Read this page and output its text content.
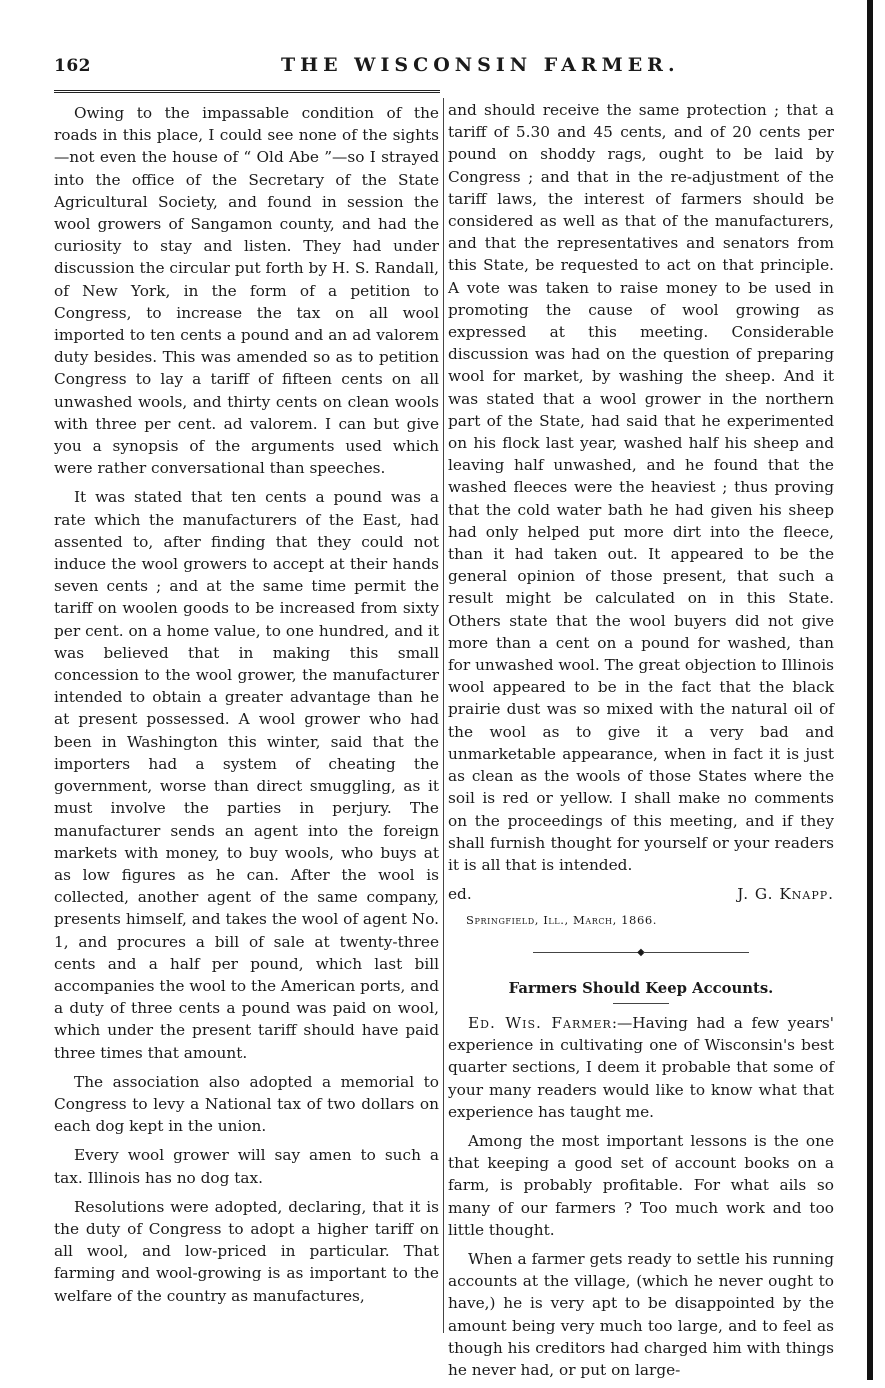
162	THE WISCONSIN FARMER.

Owing to the impassable condition of the roads in this place, I could see none of the sights—not even the house of “ Old Abe ”—so I strayed into the office of the Secretary of the State Agricultural Society, and found in session the wool growers of Sangamon county, and had the curiosity to stay and listen. They had under discussion the circular put forth by H. S. Randall, of New York, in the form of a petition to Congress, to increase the tax on all wool imported to ten cents a pound and an ad valorem duty besides. This was amended so as to petition Congress to lay a tariff of fifteen cents on all unwashed wools, and thirty cents on clean wools with three per cent. ad valorem. I can but give you a synopsis of the arguments used which were rather conversational than speeches.

It was stated that ten cents a pound was a rate which the manufacturers of the East, had assented to, after finding that they could not induce the wool growers to accept at their hands seven cents ; and at the same time permit the tariff on woolen goods to be increased from sixty per cent. on a home value, to one hundred, and it was believed that in making this small concession to the wool grower, the manufacturer intended to obtain a greater advantage than he at present possessed. A wool grower who had been in Washington this winter, said that the importers had a system of cheating the government, worse than direct smuggling, as it must involve the parties in perjury. The manufacturer sends an agent into the foreign markets with money, to buy wools, who buys at as low figures as he can. After the wool is collected, another agent of the same company, presents himself, and takes the wool of agent No. 1, and procures a bill of sale at twenty-three cents and a half per pound, which last bill accompanies the wool to the American ports, and a duty of three cents a pound was paid on wool, which under the present tariff should have paid three times that amount.

The association also adopted a memorial to Congress to levy a National tax of two dollars on each dog kept in the union.

Every wool grower will say amen to such a tax. Illinois has no dog tax.

Resolutions were adopted, declaring, that it is the duty of Congress to adopt a higher tariff on all wool, and low-priced in particular. That farming and wool-growing is as important to the welfare of the country as manufactures,

and should receive the same protection ; that a tariff of 5.30 and 45 cents, and of 20 cents per pound on shoddy rags, ought to be laid by Congress ; and that in the re-adjustment of the tariff laws, the interest of farmers should be considered as well as that of the manufacturers, and that the representatives and senators from this State, be requested to act on that principle. A vote was taken to raise money to be used in promoting the cause of wool growing as expressed at this meeting. Considerable discussion was had on the question of preparing wool for market, by washing the sheep. And it was stated that a wool grower in the northern part of the State, had said that he experimented on his flock last year, washed half his sheep and leaving half unwashed, and he found that the washed fleeces were the heaviest ; thus proving that the cold water bath he had given his sheep had only helped put more dirt into the fleece, than it had taken out. It appeared to be the general opinion of those present, that such a result might be calculated on in this State. Others state that the wool buyers did not give more than a cent on a pound for washed, than for unwashed wool. The great objection to Illinois wool appeared to be in the fact that the black prairie dust was so mixed with the natural oil of the wool as to give it a very bad and unmarketable appearance, when in fact it is just as clean as the wools of those States where the soil is red or yellow. I shall make no comments on the proceedings of this meeting, and if they shall furnish thought for yourself or your readers it is all that is intended.

ed.	J. G. Knapp.
Springfield, Ill., March, 1866.
◆
Farmers Should Keep Accounts.

Ed. Wis. Farmer:—Having had a few years' experience in cultivating one of Wisconsin's best quarter sections, I deem it probable that some of your many readers would like to know what that experience has taught me.

Among the most important lessons is the one that keeping a good set of account books on a farm, is probably profitable. For what ails so many of our farmers ? Too much work and too little thought.

When a farmer gets ready to settle his running accounts at the village, (which he never ought to have,) he is very apt to be disappointed by the amount being very much too large, and to feel as though his creditors had charged him with things he never had, or put on large-
